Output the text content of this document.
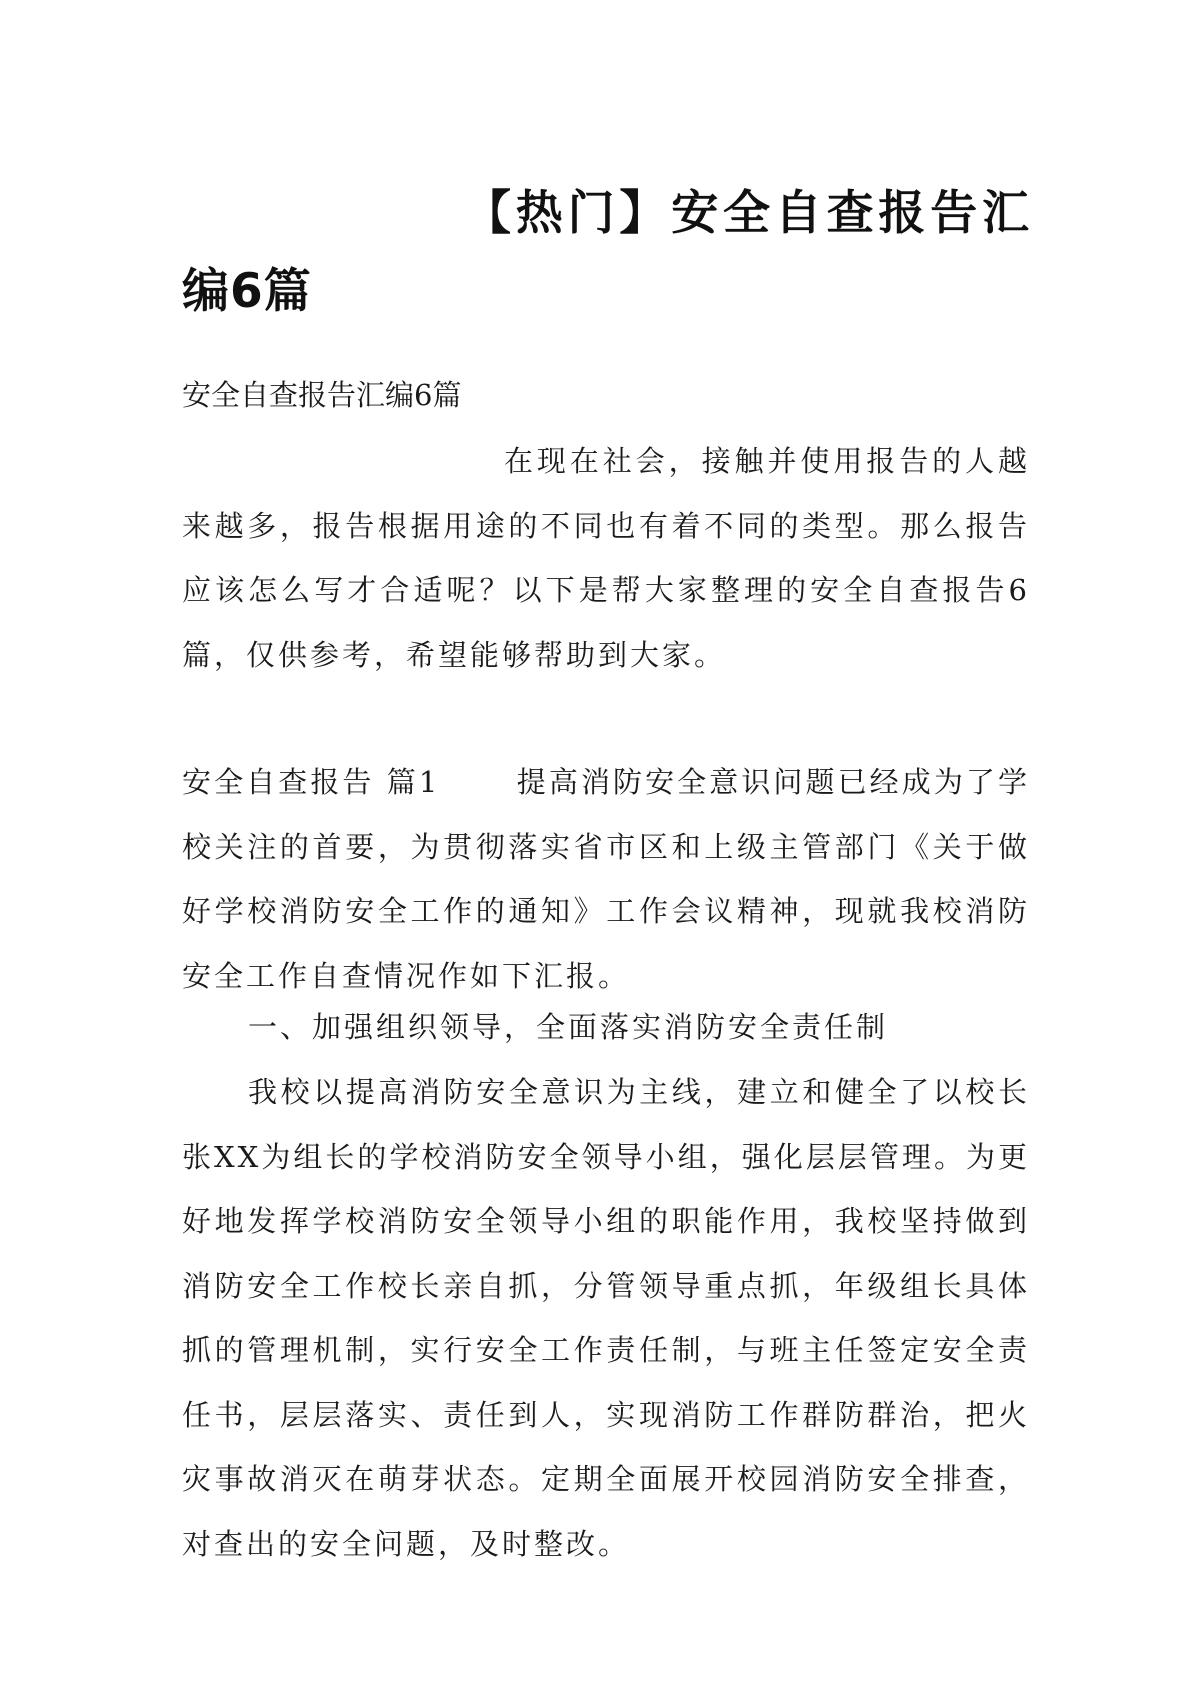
【热门】安全自查报告汇编6篇

安全自查报告汇编6篇

在现在社会，接触并使用报告的人越来越多，报告根据用途的不同也有着不同的类型。那么报告应该怎么写才合适呢？以下是帮大家整理的安全自查报告6篇，仅供参考，希望能够帮助到大家。

安全自查报告 篇1 　　提高消防安全意识问题已经成为了学校关注的首要，为贯彻落实省市区和上级主管部门《关于做好学校消防安全工作的通知》工作会议精神，现就我校消防安全工作自查情况作如下汇报。

一、加强组织领导，全面落实消防安全责任制

我校以提高消防安全意识为主线，建立和健全了以校长张XX为组长的学校消防安全领导小组，强化层层管理。为更好地发挥学校消防安全领导小组的职能作用，我校坚持做到消防安全工作校长亲自抓，分管领导重点抓，年级组长具体抓的管理机制，实行安全工作责任制，与班主任签定安全责任书，层层落实、责任到人，实现消防工作群防群治，把火灾事故消灭在萌芽状态。定期全面展开校园消防安全排查，对查出的安全问题，及时整改。
